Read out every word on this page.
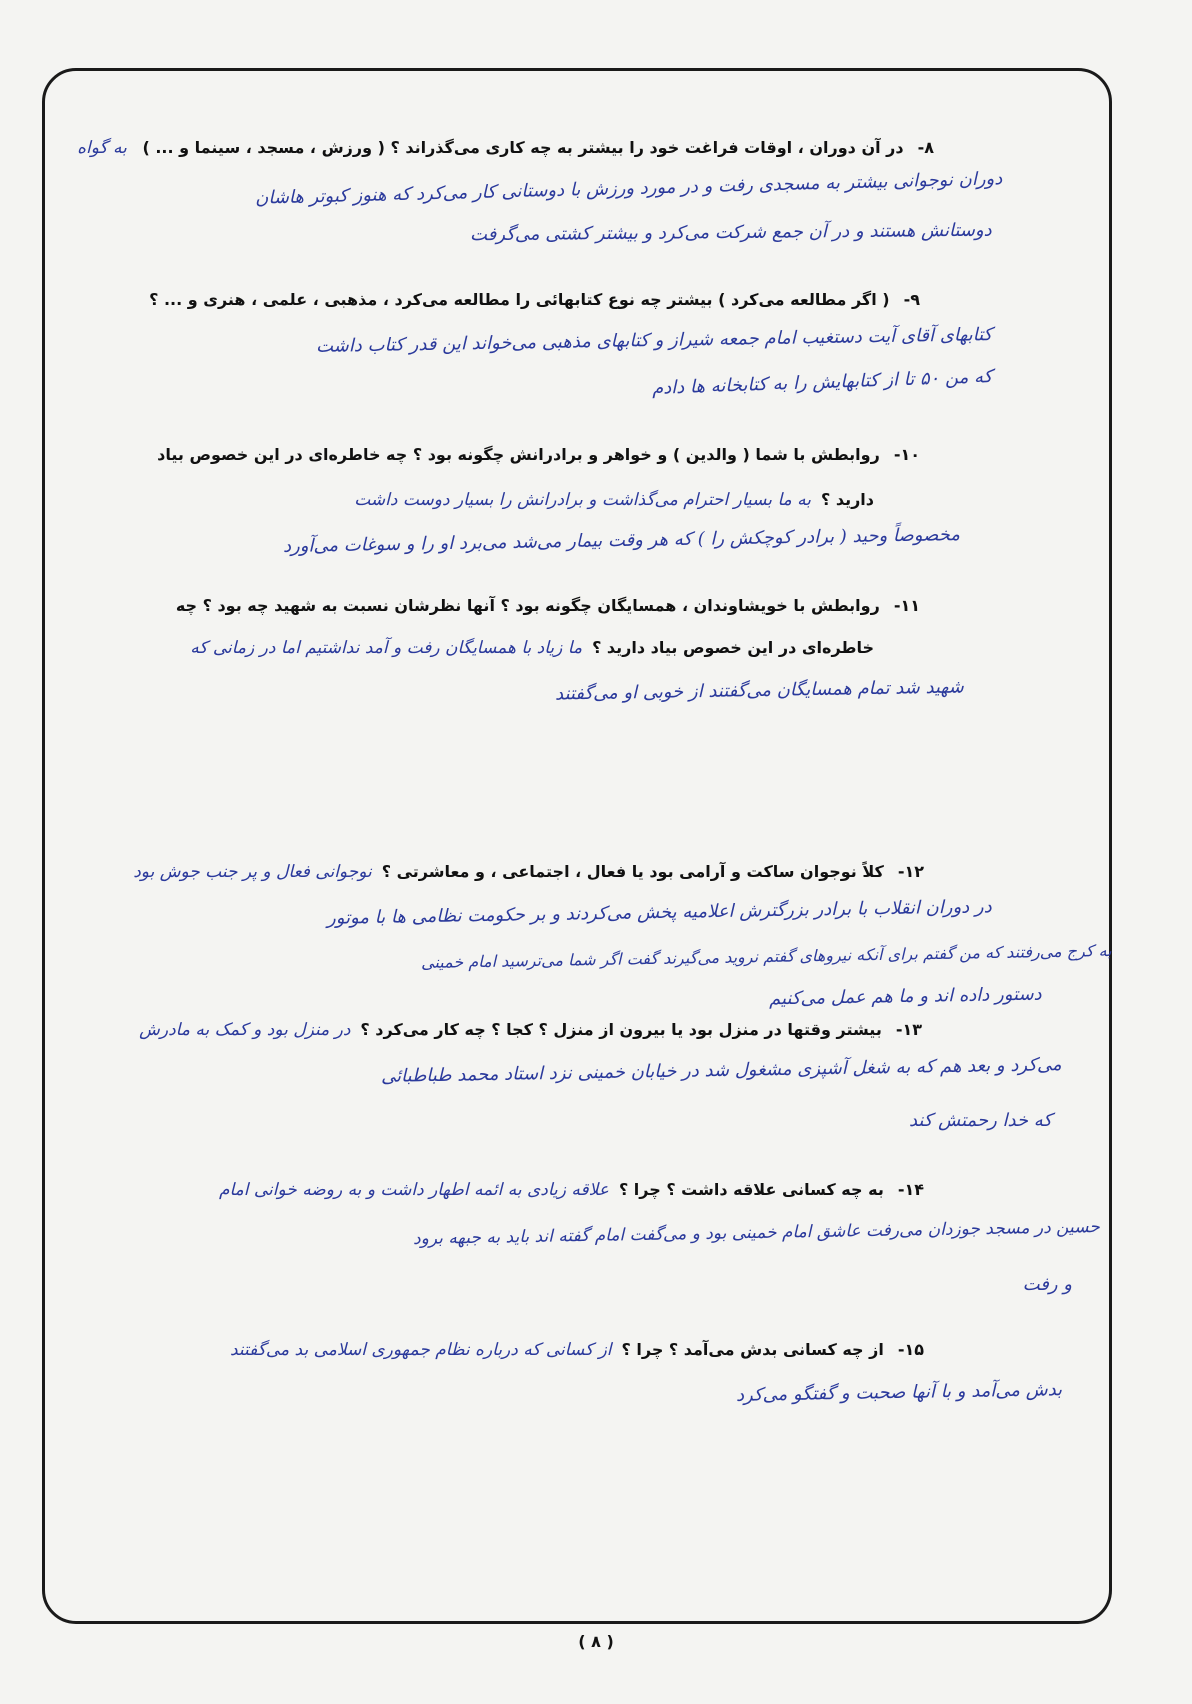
۸-در آن دوران ، اوقات فراغت خود را بیشتر به چه کاری می‌گذراند ؟ ( ورزش ، مسجد ، سینما و ... ) به گواه
دوران نوجوانی بیشتر به مسجدی رفت و در مورد ورزش با دوستانی کار می‌کرد که هنوز کبوتر هاشان
دوستانش هستند و در آن جمع شرکت می‌کرد و بیشتر کشتی می‌گرفت
۹-( اگر مطالعه می‌کرد ) بیشتر چه نوع کتابهائی را مطالعه می‌کرد ، مذهبی ، علمی ، هنری و ... ؟
کتابهای آقای آیت دستغیب امام جمعه شیراز و کتابهای مذهبی می‌خواند این قدر کتاب داشت
که من ۵۰ تا از کتابهایش را به کتابخانه ها دادم
۱۰-روابطش با شما ( والدین ) و خواهر و برادرانش چگونه بود ؟ چه خاطره‌ای در این خصوص بیاد
دارید ؟به ما بسیار احترام می‌گذاشت و برادرانش را بسیار دوست داشت
مخصوصاً وحید ( برادر کوچکش را ) که هر وقت بیمار می‌شد می‌برد او را و سوغات می‌آورد
۱۱-روابطش با خویشاوندان ، همسایگان چگونه بود ؟ آنها نظرشان نسبت به شهید چه بود ؟ چه
خاطره‌ای در این خصوص بیاد دارید ؟ما زیاد با همسایگان رفت و آمد نداشتیم اما در زمانی که
شهید شد تمام همسایگان می‌گفتند از خوبی او می‌گفتند
۱۲-کلاً نوجوان ساکت و آرامی بود یا فعال ، اجتماعی ، و معاشرتی ؟نوجوانی فعال و پر جنب جوش بود
در دوران انقلاب با برادر بزرگترش اعلامیه پخش می‌کردند و بر حکومت نظامی ها با موتور
به کرج می‌رفتند که من گفتم برای آنکه نیروهای گفتم نروید می‌گیرند گفت اگر شما می‌ترسید امام خمینی
دستور داده اند و ما هم عمل می‌کنیم
۱۳-بیشتر وقتها در منزل بود یا بیرون از منزل ؟ کجا ؟ چه کار می‌کرد ؟در منزل بود و کمک به مادرش
می‌کرد و بعد هم که به شغل آشپزی مشغول شد در خیابان خمینی نزد استاد محمد طباطبائی
که خدا رحمتش کند
۱۴-به چه کسانی علاقه داشت ؟ چرا ؟علاقه زیادی به ائمه اطهار داشت و به روضه خوانی امام
حسین در مسجد جوزدان می‌رفت عاشق امام خمینی بود و می‌گفت امام گفته اند باید به جبهه برود
و رفت
۱۵-از چه کسانی بدش می‌آمد ؟ چرا ؟از کسانی که درباره نظام جمهوری اسلامی بد می‌گفتند
بدش می‌آمد و با آنها صحبت و گفتگو می‌کرد
( ۸ )
